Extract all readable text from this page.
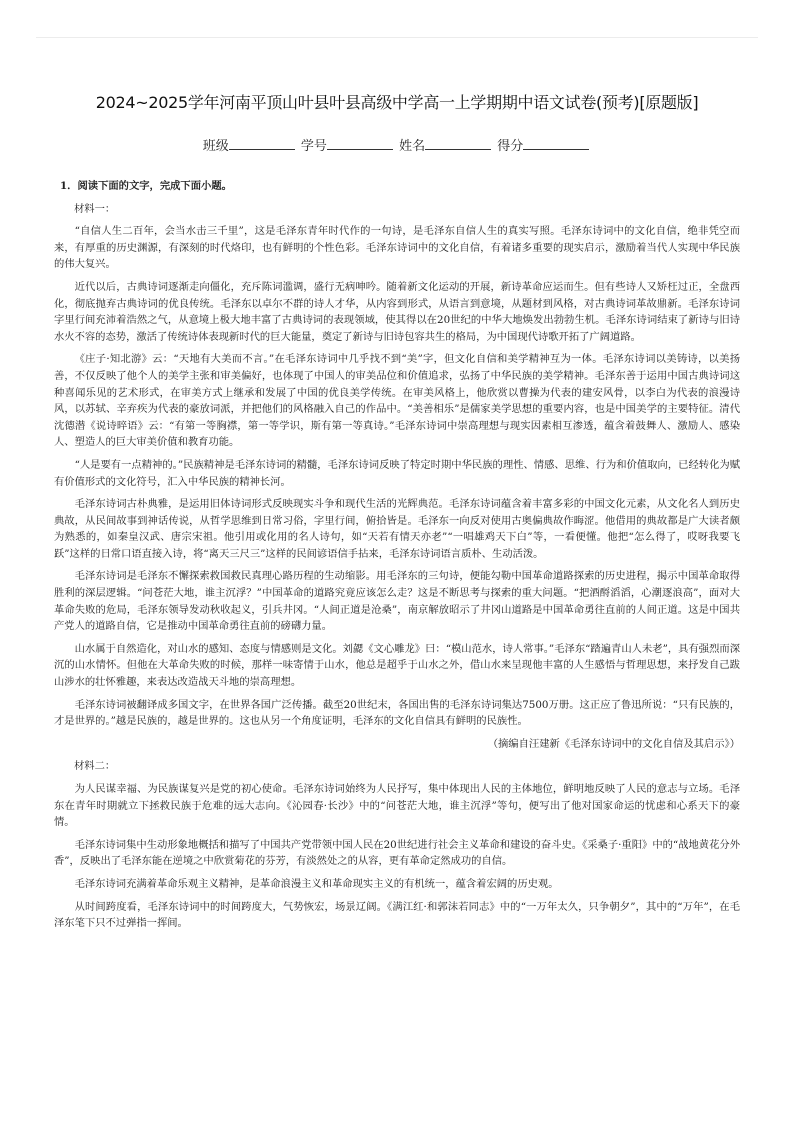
2024~2025学年河南平顶山叶县叶县高级中学高一上学期期中语文试卷(预考)[原题版]
班级	学号	姓名	得分
1．阅读下面的文字，完成下面小题。
材料一：

“自信人生二百年，会当水击三千里”，这是毛泽东青年时代作的一句诗，是毛泽东自信人生的真实写照。毛泽东诗词中的文化自信，绝非凭空而来，有厚重的历史渊源，有深刻的时代烙印，也有鲜明的个性色彩。毛泽东诗词中的文化自信，有着诸多重要的现实启示，激励着当代人实现中华民族的伟大复兴。

近代以后，古典诗词逐渐走向僵化，充斥陈词滥调，盛行无病呻吟。随着新文化运动的开展，新诗革命应运而生。但有些诗人又矫枉过正，全盘西化，彻底抛弃古典诗词的优良传统。毛泽东以卓尔不群的诗人才华，从内容到形式，从语言到意境，从题材到风格，对古典诗词革故鼎新。毛泽东诗词字里行间充沛着浩然之气，从意境上极大地丰富了古典诗词的表现领域，使其得以在20世纪的中华大地焕发出勃勃生机。毛泽东诗词结束了新诗与旧诗水火不容的态势，激活了传统诗体表现新时代的巨大能量，奠定了新诗与旧诗包容共生的格局，为中国现代诗歌开拓了广阔道路。

《庄子·知北游》云：“天地有大美而不言。”在毛泽东诗词中几乎找不到“美”字，但文化自信和美学精神互为一体。毛泽东诗词以美铸诗，以美扬善，不仅反映了他个人的美学主张和审美偏好，也体现了中国人的审美品位和价值追求，弘扬了中华民族的美学精神。毛泽东善于运用中国古典诗词这种喜闻乐见的艺术形式，在审美方式上继承和发展了中国的优良美学传统。在审美风格上，他欣赏以曹操为代表的建安风骨，以李白为代表的浪漫诗风，以苏轼、辛弃疾为代表的豪放词派，并把他们的风格融入自己的作品中。“美善相乐”是儒家美学思想的重要内容，也是中国美学的主要特征。清代沈德潜《说诗晬语》云：“有第一等胸襟，第一等学识，斯有第一等真诗。”毛泽东诗词中崇高理想与现实因素相互渗透，蕴含着鼓舞人、激励人、感染人、塑造人的巨大审美价值和教育功能。

“人是要有一点精神的。”民族精神是毛泽东诗词的精髓，毛泽东诗词反映了特定时期中华民族的理性、情感、思维、行为和价值取向，已经转化为赋有价值形式的文化符号，汇入中华民族的精神长河。

毛泽东诗词古朴典雅，是运用旧体诗词形式反映现实斗争和现代生活的光辉典范。毛泽东诗词蕴含着丰富多彩的中国文化元素，从文化名人到历史典故，从民间故事到神话传说，从哲学思维到日常习俗，字里行间，俯拾皆是。毛泽东一向反对使用古奥偏典故作晦涩。他借用的典故都是广大读者颇为熟悉的，如秦皇汉武、唐宗宋祖。他引用或化用的名人诗句，如“天若有情天亦老”“一唱雄鸡天下白”等，一看便懂。他把“怎么得了，哎呀我要飞跃”这样的日常口语直接入诗，将“离天三尺三”这样的民间谚语信手拈来，毛泽东诗词语言质朴、生动活泼。

毛泽东诗词是毛泽东不懈探索救国救民真理心路历程的生动缩影。用毛泽东的三句诗，便能勾勒中国革命道路探索的历史进程，揭示中国革命取得胜利的深层逻辑。“问苍茫大地，谁主沉浮？”中国革命的道路究竟应该怎么走？这是不断思考与探索的重大问题。“把酒酹滔滔，心潮逐浪高”，面对大革命失败的危局，毛泽东领导发动秋收起义，引兵井冈。“人间正道是沧桑”，南京解放昭示了井冈山道路是中国革命勇往直前的人间正道。这是中国共产党人的道路自信，它是推动中国革命勇往直前的磅礴力量。

山水属于自然造化，对山水的感知、态度与情感则是文化。刘勰《文心雕龙》曰：“模山范水，诗人常事。”毛泽东“踏遍青山人未老”，具有强烈而深沉的山水情怀。但他在大革命失败的时候，那样一味寄情于山水，他总是超乎于山水之外，借山水来呈现他丰富的人生感悟与哲理思想，来抒发自己跋山涉水的壮怀雅趣，来表达改造战天斗地的崇高理想。

毛泽东诗词被翻译成多国文字，在世界各国广泛传播。截至20世纪末，各国出售的毛泽东诗词集达7500万册。这正应了鲁迅所说：“只有民族的，才是世界的。”越是民族的，越是世界的。这也从另一个角度证明，毛泽东的文化自信具有鲜明的民族性。

（摘编自汪建新《毛泽东诗词中的文化自信及其启示》）
材料二：

为人民谋幸福、为民族谋复兴是党的初心使命。毛泽东诗词始终为人民抒写，集中体现出人民的主体地位，鲜明地反映了人民的意志与立场。毛泽东在青年时期就立下拯救民族于危难的远大志向。《沁园春·长沙》中的“问苍茫大地，谁主沉浮”等句，便写出了他对国家命运的忧虑和心系天下的豪情。

毛泽东诗词集中生动形象地概括和描写了中国共产党带领中国人民在20世纪进行社会主义革命和建设的奋斗史。《采桑子·重阳》中的“战地黄花分外香”，反映出了毛泽东能在逆境之中欣赏菊花的芬芳，有淡然处之的从容，更有革命定然成功的自信。

毛泽东诗词充满着革命乐观主义精神，是革命浪漫主义和革命现实主义的有机统一，蕴含着宏阔的历史观。

从时间跨度看，毛泽东诗词中的时间跨度大，气势恢宏，场景辽阔。《满江红·和郭沫若同志》中的“一万年太久，只争朝夕”，其中的“万年”，在毛泽东笔下只不过弹指一挥间。
